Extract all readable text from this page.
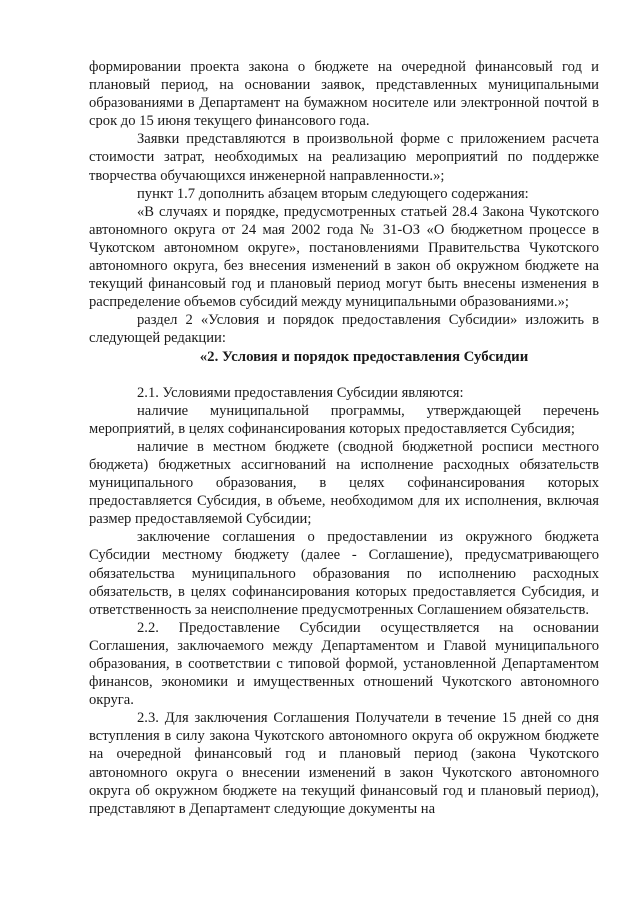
формировании проекта закона о бюджете на очередной финансовый год и плановый период, на основании заявок, представленных муниципальными образованиями в Департамент на бумажном носителе или электронной почтой в срок до 15 июня текущего финансового года.

Заявки представляются в произвольной форме с приложением расчета стоимости затрат, необходимых на реализацию мероприятий по поддержке творчества обучающихся инженерной направленности.»;

пункт 1.7 дополнить абзацем вторым следующего содержания:

«В случаях и порядке, предусмотренных статьей 28.4 Закона Чукотского автономного округа от 24 мая 2002 года № 31-ОЗ «О бюджетном процессе в Чукотском автономном округе», постановлениями Правительства Чукотского автономного округа, без внесения изменений в закон об окружном бюджете на текущий финансовый год и плановый период могут быть внесены изменения в распределение объемов субсидий между муниципальными образованиями.»;

раздел 2 «Условия и порядок предоставления Субсидии» изложить в следующей редакции:

«2. Условия и порядок предоставления Субсидии

2.1. Условиями предоставления Субсидии являются:

наличие муниципальной программы, утверждающей перечень мероприятий, в целях софинансирования которых предоставляется Субсидия;

наличие в местном бюджете (сводной бюджетной росписи местного бюджета) бюджетных ассигнований на исполнение расходных обязательств муниципального образования, в целях софинансирования которых предоставляется Субсидия, в объеме, необходимом для их исполнения, включая размер предоставляемой Субсидии;

заключение соглашения о предоставлении из окружного бюджета Субсидии местному бюджету (далее - Соглашение), предусматривающего обязательства муниципального образования по исполнению расходных обязательств, в целях софинансирования которых предоставляется Субсидия, и ответственность за неисполнение предусмотренных Соглашением обязательств.

2.2. Предоставление Субсидии осуществляется на основании Соглашения, заключаемого между Департаментом и Главой муниципального образования, в соответствии с типовой формой, установленной Департаментом финансов, экономики и имущественных отношений Чукотского автономного округа.

2.3. Для заключения Соглашения Получатели в течение 15 дней со дня вступления в силу закона Чукотского автономного округа об окружном бюджете на очередной финансовый год и плановый период (закона Чукотского автономного округа о внесении изменений в закон Чукотского автономного округа об окружном бюджете на текущий финансовый год и плановый период), представляют в Департамент следующие документы на
